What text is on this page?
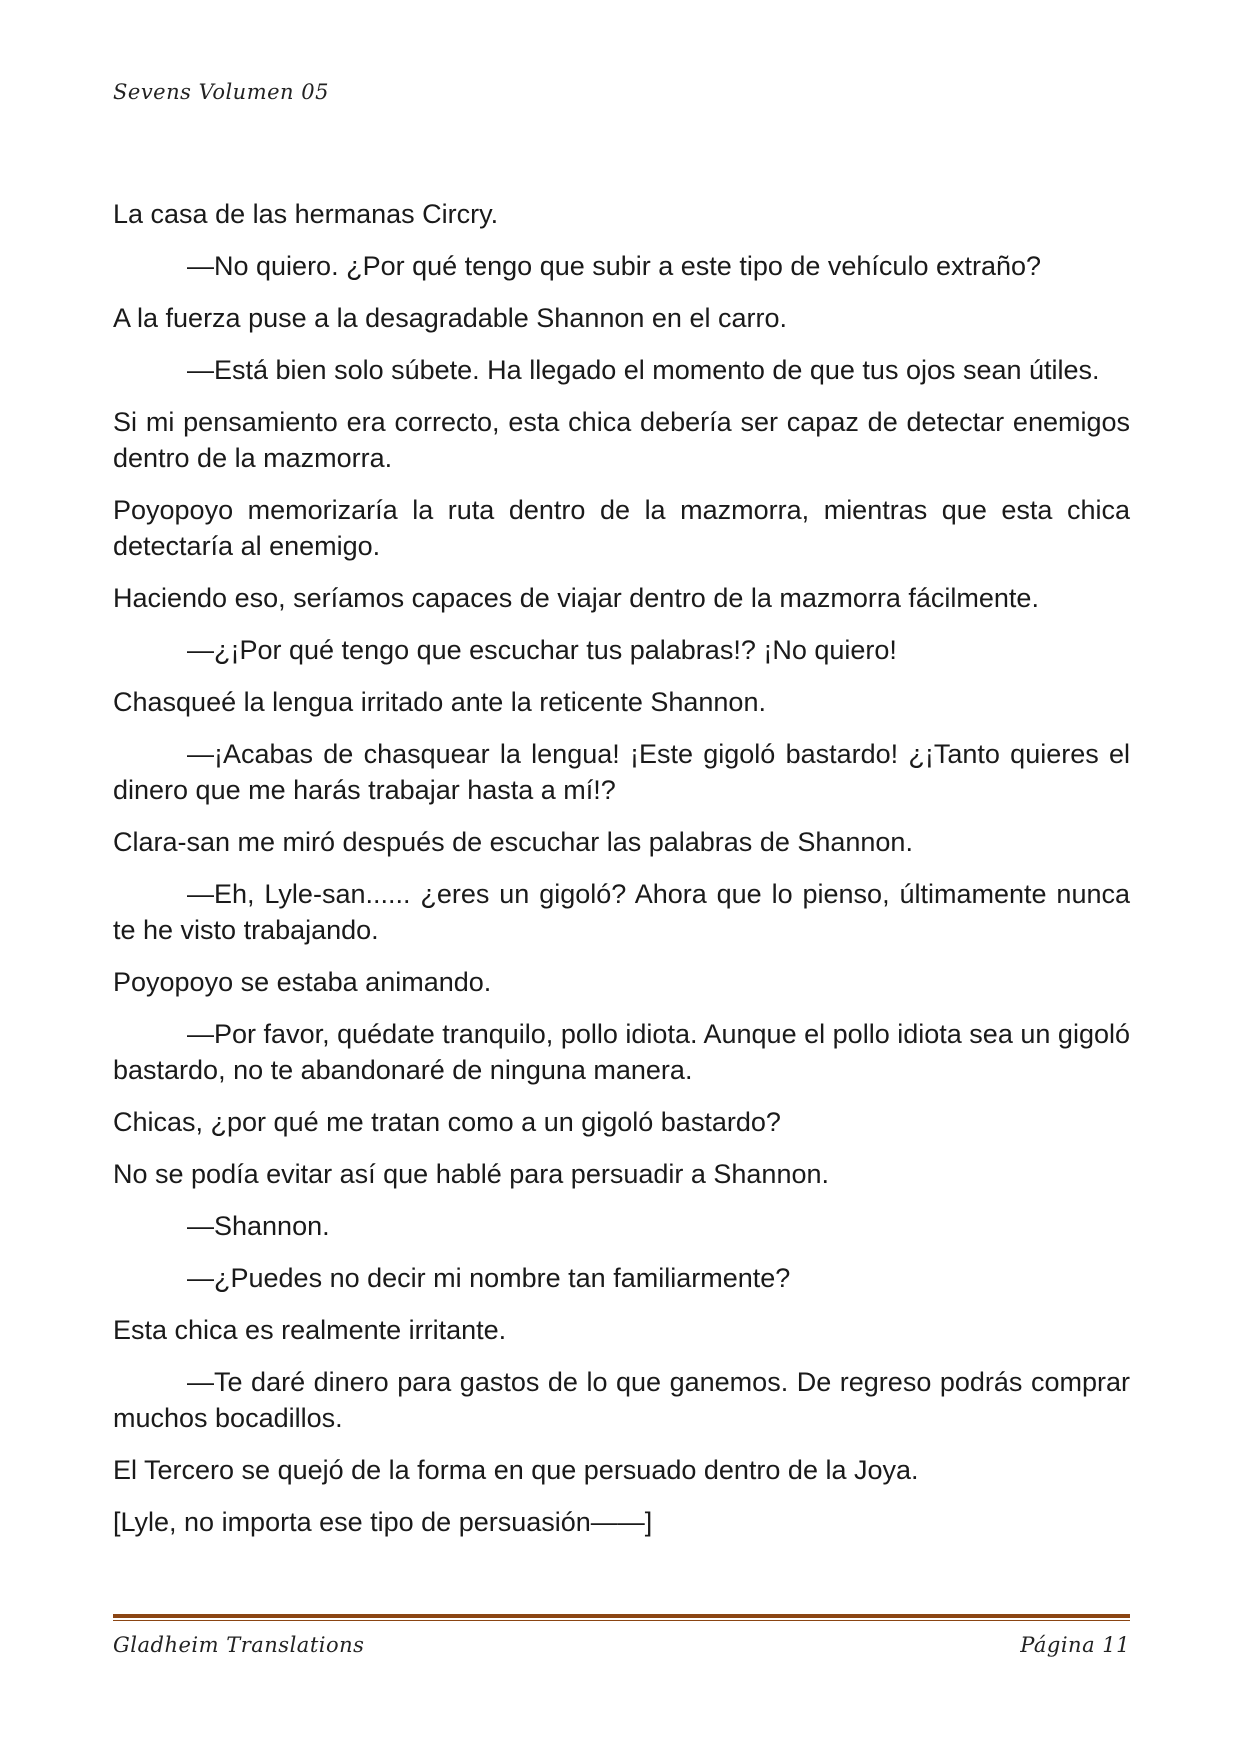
Sevens Volumen 05

La casa de las hermanas Circry.

—No quiero. ¿Por qué tengo que subir a este tipo de vehículo extraño?

A la fuerza puse a la desagradable Shannon en el carro.

—Está bien solo súbete. Ha llegado el momento de que tus ojos sean útiles.

Si mi pensamiento era correcto, esta chica debería ser capaz de detectar enemigos dentro de la mazmorra.

Poyopoyo memorizaría la ruta dentro de la mazmorra, mientras que esta chica detectaría al enemigo.

Haciendo eso, seríamos capaces de viajar dentro de la mazmorra fácilmente.

—¿¡Por qué tengo que escuchar tus palabras!? ¡No quiero!

Chasqueé la lengua irritado ante la reticente Shannon.

—¡Acabas de chasquear la lengua! ¡Este gigoló bastardo! ¿¡Tanto quieres el dinero que me harás trabajar hasta a mí!?

Clara-san me miró después de escuchar las palabras de Shannon.

—Eh, Lyle-san...... ¿eres un gigoló? Ahora que lo pienso, últimamente nunca te he visto trabajando.

Poyopoyo se estaba animando.

—Por favor, quédate tranquilo, pollo idiota. Aunque el pollo idiota sea un gigoló bastardo, no te abandonaré de ninguna manera.

Chicas, ¿por qué me tratan como a un gigoló bastardo?

No se podía evitar así que hablé para persuadir a Shannon.

—Shannon.

—¿Puedes no decir mi nombre tan familiarmente?

Esta chica es realmente irritante.

—Te daré dinero para gastos de lo que ganemos. De regreso podrás comprar muchos bocadillos.

El Tercero se quejó de la forma en que persuado dentro de la Joya.

[Lyle, no importa ese tipo de persuasión——]

Gladheim Translations	Página 11
